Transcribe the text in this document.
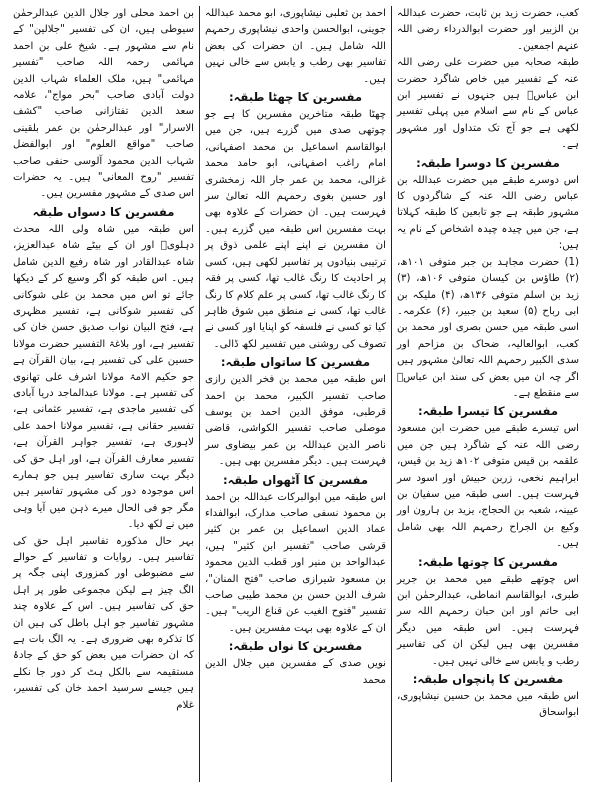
کعب، حضرت زید بن ثابت، حضرت عبداللہ بن الزبیر اور حضرت ابوالدرداء رضی اللہ عنہم اجمعین۔

طبقہ صحابہ میں حضرت علی رضی اللہ عنہ کے تفسیر میں خاص شاگرد حضرت ابن عباسؓ ہیں جنہوں نے تفسیر ابن عباس کے نام سے اسلام میں پہلی تفسیر لکھی ہے جو آج تک متداول اور مشہور ہے۔

مفسرین کا دوسرا طبقہ:

اس دوسرے طبقے میں حضرت عبداللہ بن عباس رضی اللہ عنہ کے شاگردوں کا مشہور طبقہ ہے جو تابعین کا طبقہ کہلاتا ہے، جن میں چیدہ چیدہ اشخاص کے نام یہ ہیں:

(1) حضرت مجاہد بن جبر متوفی ۱۰۱ھ، (۲) طاؤس بن کیسان متوفی ۱۰۶ھ، (۳) زید بن اسلم متوفی ۱۳۶ھ، (۴) ملیکہ بن ابی رباح (۵) سعید بن جبیر، (۶) عکرمہ۔ اسی طبقہ میں حسن بصری اور محمد بن کعب، ابوالعالیہ، ضحاک بن مزاحم اور سدی الکبیر رحمہم اللہ تعالیٰ مشہور ہیں اگر چہ ان میں بعض کی سند ابن عباسؓ سے منقطع ہے۔

مفسرین کا تیسرا طبقہ:

اس تیسرے طبقے میں حضرت ابن مسعود رضی اللہ عنہ کے شاگرد ہیں جن میں علقمہ بن قیس متوفی ۱۰۲ھ زید بن قیس، ابراہیم نخعی، زربن حبیش اور اسود سر فہرست ہیں۔ اسی طبقہ میں سفیان بن عیینہ، شعبہ بن الحجاج، یزید بن ہارون اور وکیع بن الجراح رحمہم اللہ بھی شامل ہیں۔

مفسرین کا چوتھا طبقہ:

اس چوتھے طبقے میں محمد بن جریر طبری، ابوالقاسم انماطی، عبدالرحمٰن ابن ابی حاتم اور ابن حبان رحمہم اللہ سر فہرست ہیں۔ اس طبقہ میں دیگر مفسرین بھی ہیں لیکن ان کی تفاسیر رطب و یابس سے خالی نہیں ہیں۔

مفسرین کا پانچواں طبقہ:

اس طبقہ میں محمد بن حسین نیشاپوری، ابواسحاق

احمد بن ثعلبی نیشاپوری، ابو محمد عبداللہ جوینی، ابوالحسن واحدی نیشاپوری رحمہم اللہ شامل ہیں۔ ان حضرات کی بعض تفاسیر بھی رطب و یابس سے خالی نہیں ہیں۔

مفسرین کا چھٹا طبقہ:

چھٹا طبقہ متاخرین مفسرین کا ہے جو چوتھی صدی میں گزرے ہیں، جن میں ابوالقاسم اسماعیل بن محمد اصفہانی، امام راغب اصفہانی، ابو حامد محمد غزالی، محمد بن عمر جار اللہ زمخشری اور حسین بغوی رحمہم اللہ تعالیٰ سر فہرست ہیں۔ ان حضرات کے علاوہ بھی بہت مفسرین اس طبقہ میں گزرے ہیں۔ ان مفسرین نے اپنے اپنے علمی ذوق پر ترتیبی بنیادوں پر تفاسیر لکھی ہیں، کسی پر احادیث کا رنگ غالب تھا، کسی پر فقہ کا رنگ غالب تھا، کسی پر علم کلام کا رنگ غالب تھا، کسی نے منطق میں شوق ظاہر کیا تو کسی نے فلسفہ کو اپنایا اور کسی نے تصوف کی روشنی میں تفسیر لکھ ڈالی۔

مفسرین کا ساتواں طبقہ:

اس طبقہ میں محمد بن فخر الدین رازی صاحب تفسیر الکبیر، محمد بن احمد قرطبی، موفق الدین احمد بن یوسف موصلی صاحب تفسیر الکواشی، قاضی ناصر الدین عبداللہ بن عمر بیضاوی سر فہرست ہیں۔ دیگر مفسرین بھی ہیں۔

مفسرین کا آٹھواں طبقہ:

اس طبقہ میں ابوالبرکات عبداللہ بن احمد بن محمود نسفی صاحب مدارک، ابوالفداء عماد الدین اسماعیل بن عمر بن کثیر قرشی صاحب "تفسیر ابن کثیر" ہیں، عبدالواحد بن منیر اور قطب الدین محمود بن مسعود شیرازی صاحب "فتح المنان"، شرف الدین حسن بن محمد طیبی صاحب تفسیر "فتوح الغیب عن قناع الریب" ہیں۔ ان کے علاوہ بھی بہت مفسرین ہیں۔

مفسرین کا نواں طبقہ:

نویں صدی کے مفسرین میں جلال الدین محمد

بن احمد محلی اور جلال الدین عبدالرحمٰن سیوطی ہیں، ان کی تفسیر "جلالین" کے نام سے مشہور ہے۔ شیخ علی بن احمد مہائمی رحمہ اللہ صاحب "تفسیر مہائمی" ہیں، ملک العلماء شہاب الدین دولت آبادی صاحب "بحر مواج"، علامہ سعد الدین تفتازانی صاحب "کشف الاسرار" اور عبدالرحمٰن بن عمر بلقینی صاحب "مواقع العلوم" اور ابوالفضل شہاب الدین محمود آلوسی حنفی صاحب تفسیر "روح المعانی" ہیں۔ یہ حضرات اس صدی کے مشہور مفسرین ہیں۔

مفسرین کا دسواں طبقہ

اس طبقہ میں شاہ ولی اللہ محدث دہلویؒ اور ان کے بیٹے شاہ عبدالعزیز، شاہ عبدالقادر اور شاہ رفیع الدین شامل ہیں۔ اس طبقہ کو اگر وسیع کر کے دیکھا جائے تو اس میں محمد بن علی شوکانی کی تفسیر شوکانی ہے، تفسیر مظہری ہے، فتح البیان نواب صدیق حسن خان کی تفسیر ہے، اور بلاغۃ التفسیر حضرت مولانا حسین علی کی تفسیر ہے، بیان القرآن ہے جو حکیم الامۃ مولانا اشرف علی تھانوی کی تفسیر ہے۔ مولانا عبدالماجد دریا آبادی کی تفسیر ماجدی ہے، تفسیر عثمانی ہے، تفسیر حقانی ہے، تفسیر مولانا احمد علی لاہوری ہے، تفسیر جواہر القرآن ہے، تفسیر معارف القرآن ہے، اور اہل حق کی دیگر بہت ساری تفاسیر ہیں جو ہمارے اس موجودہ دور کی مشہور تفاسیر ہیں مگر جو فی الحال میرے ذہن میں آیا وہی میں نے لکھ دیا۔

بہر حال مذکورہ تفاسیر اہل حق کی تفاسیر ہیں۔ روایات و تفاسیر کے حوالے سے مضبوطی اور کمزوری اپنی جگہ پر الگ چیز ہے لیکن مجموعی طور پر اہل حق کی تفاسیر ہیں۔ اس کے علاوہ چند مشہور تفاسیر جو اہل باطل کی ہیں ان کا تذکرہ بھی ضروری ہے۔ یہ الگ بات ہے کہ ان حضرات میں بعض کو حق کے جادۂ مستقیمہ سے بالکل ہٹ کر دور جا نکلے ہیں جیسے سرسید احمد خان کی تفسیر، غلام
